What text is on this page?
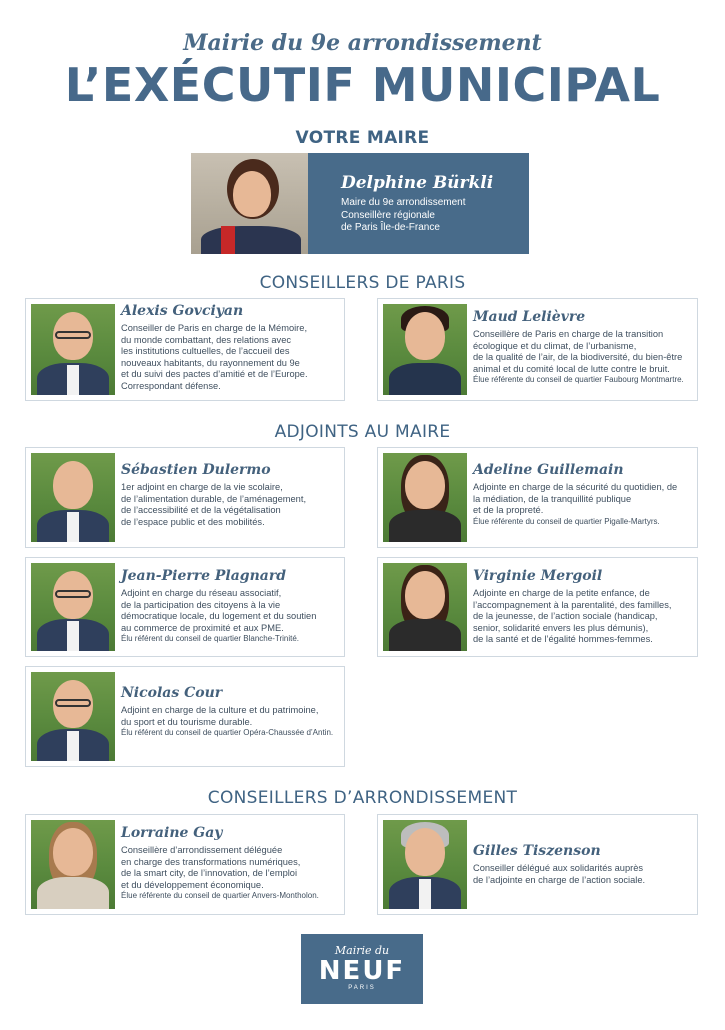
Mairie du 9e arrondissement
L’EXÉCUTIF MUNICIPAL
VOTRE MAIRE
Delphine Bürkli
Maire du 9e arrondissement
Conseillère régionale
de Paris Île-de-France
CONSEILLERS DE PARIS
Alexis Govciyan
Conseiller de Paris en charge de la Mémoire,
du monde combattant, des relations avec
les institutions cultuelles, de l’accueil des
nouveaux habitants, du rayonnement du 9e
et du suivi des pactes d’amitié et de l’Europe.
Correspondant défense.
Maud Lelièvre
Conseillère de Paris en charge de la transition
écologique et du climat, de l’urbanisme,
de la qualité de l’air, de la biodiversité, du bien-être
animal et du comité local de lutte contre le bruit.
Élue référente du conseil de quartier Faubourg Montmartre.
ADJOINTS AU MAIRE
Sébastien Dulermo
1er adjoint en charge de la vie scolaire,
de l’alimentation durable, de l’aménagement,
de l’accessibilité et de la végétalisation
de l’espace public et des mobilités.
Adeline Guillemain
Adjointe en charge de la sécurité du quotidien, de
la médiation, de la tranquillité publique
et de la propreté.
Élue référente du conseil de quartier Pigalle-Martyrs.
Jean-Pierre Plagnard
Adjoint en charge du réseau associatif,
de la participation des citoyens à la vie
démocratique locale, du logement et du soutien
au commerce de proximité et aux PME.
Élu référent du conseil de quartier Blanche-Trinité.
Virginie Mergoil
Adjointe en charge de la petite enfance, de
l’accompagnement à la parentalité, des familles,
de la jeunesse, de l’action sociale (handicap,
senior, solidarité envers les plus démunis),
de la santé et de l’égalité hommes-femmes.
Nicolas Cour
Adjoint en charge de la culture et du patrimoine,
du sport et du tourisme durable.
Élu référent du conseil de quartier Opéra-Chaussée d’Antin.
CONSEILLERS D’ARRONDISSEMENT
Lorraine Gay
Conseillère d’arrondissement déléguée
en charge des transformations numériques,
de la smart city, de l’innovation, de l’emploi
et du développement économique.
Élue référente du conseil de quartier Anvers-Montholon.
Gilles Tiszenson
Conseiller délégué aux solidarités auprès
de l’adjointe en charge de l’action sociale.
Mairie du
NEUF
PARIS
